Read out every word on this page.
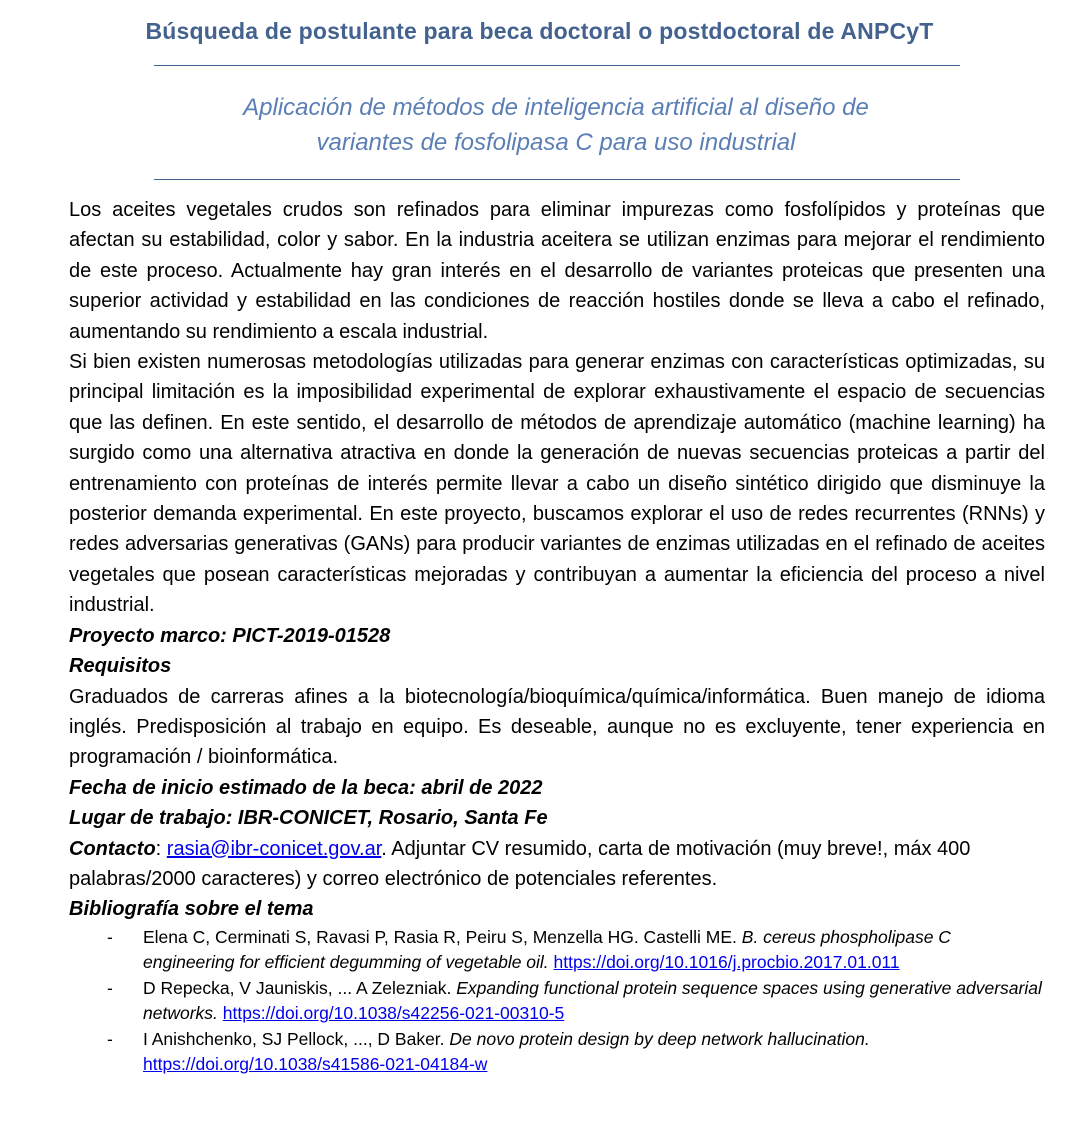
Búsqueda de postulante para beca doctoral o postdoctoral de ANPCyT
Aplicación de métodos de inteligencia artificial al diseño de
variantes de fosfolipasa C para uso industrial

Los aceites vegetales crudos son refinados para eliminar impurezas como fosfolípidos y proteínas que afectan su estabilidad, color y sabor. En la industria aceitera se utilizan enzimas para mejorar el rendimiento de este proceso. Actualmente hay gran interés en el desarrollo de variantes proteicas que presenten una superior actividad y estabilidad en las condiciones de reacción hostiles donde se lleva a cabo el refinado, aumentando su rendimiento a escala industrial.

Si bien existen numerosas metodologías utilizadas para generar enzimas con características optimizadas, su principal limitación es la imposibilidad experimental de explorar exhaustivamente el espacio de secuencias que las definen. En este sentido, el desarrollo de métodos de aprendizaje automático (machine learning) ha surgido como una alternativa atractiva en donde la generación de nuevas secuencias proteicas a partir del entrenamiento con proteínas de interés permite llevar a cabo un diseño sintético dirigido que disminuye la posterior demanda experimental. En este proyecto, buscamos explorar el uso de redes recurrentes (RNNs) y redes adversarias generativas (GANs) para producir variantes de enzimas utilizadas en el refinado de aceites vegetales que posean características mejoradas y contribuyan a aumentar la eficiencia del proceso a nivel industrial.

Proyecto marco: PICT-2019-01528

Requisitos

Graduados de carreras afines a la biotecnología/bioquímica/química/informática. Buen manejo de idioma inglés. Predisposición al trabajo en equipo. Es deseable, aunque no es excluyente, tener experiencia en programación / bioinformática.

Fecha de inicio estimado de la beca: abril de 2022

Lugar de trabajo: IBR-CONICET, Rosario, Santa Fe

Contacto: rasia@ibr-conicet.gov.ar. Adjuntar CV resumido, carta de motivación (muy breve!, máx 400 palabras/2000 caracteres) y correo electrónico de potenciales referentes.

Bibliografía sobre el tema

- Elena C, Cerminati S, Ravasi P, Rasia R, Peiru S, Menzella HG. Castelli ME. B. cereus phospholipase C engineering for efficient degumming of vegetable oil. https://doi.org/10.1016/j.procbio.2017.01.011
- D Repecka, V Jauniskis, ... A Zelezniak. Expanding functional protein sequence spaces using generative adversarial networks. https://doi.org/10.1038/s42256-021-00310-5
- I Anishchenko, SJ Pellock, ..., D Baker. De novo protein design by deep network hallucination. https://doi.org/10.1038/s41586-021-04184-w
